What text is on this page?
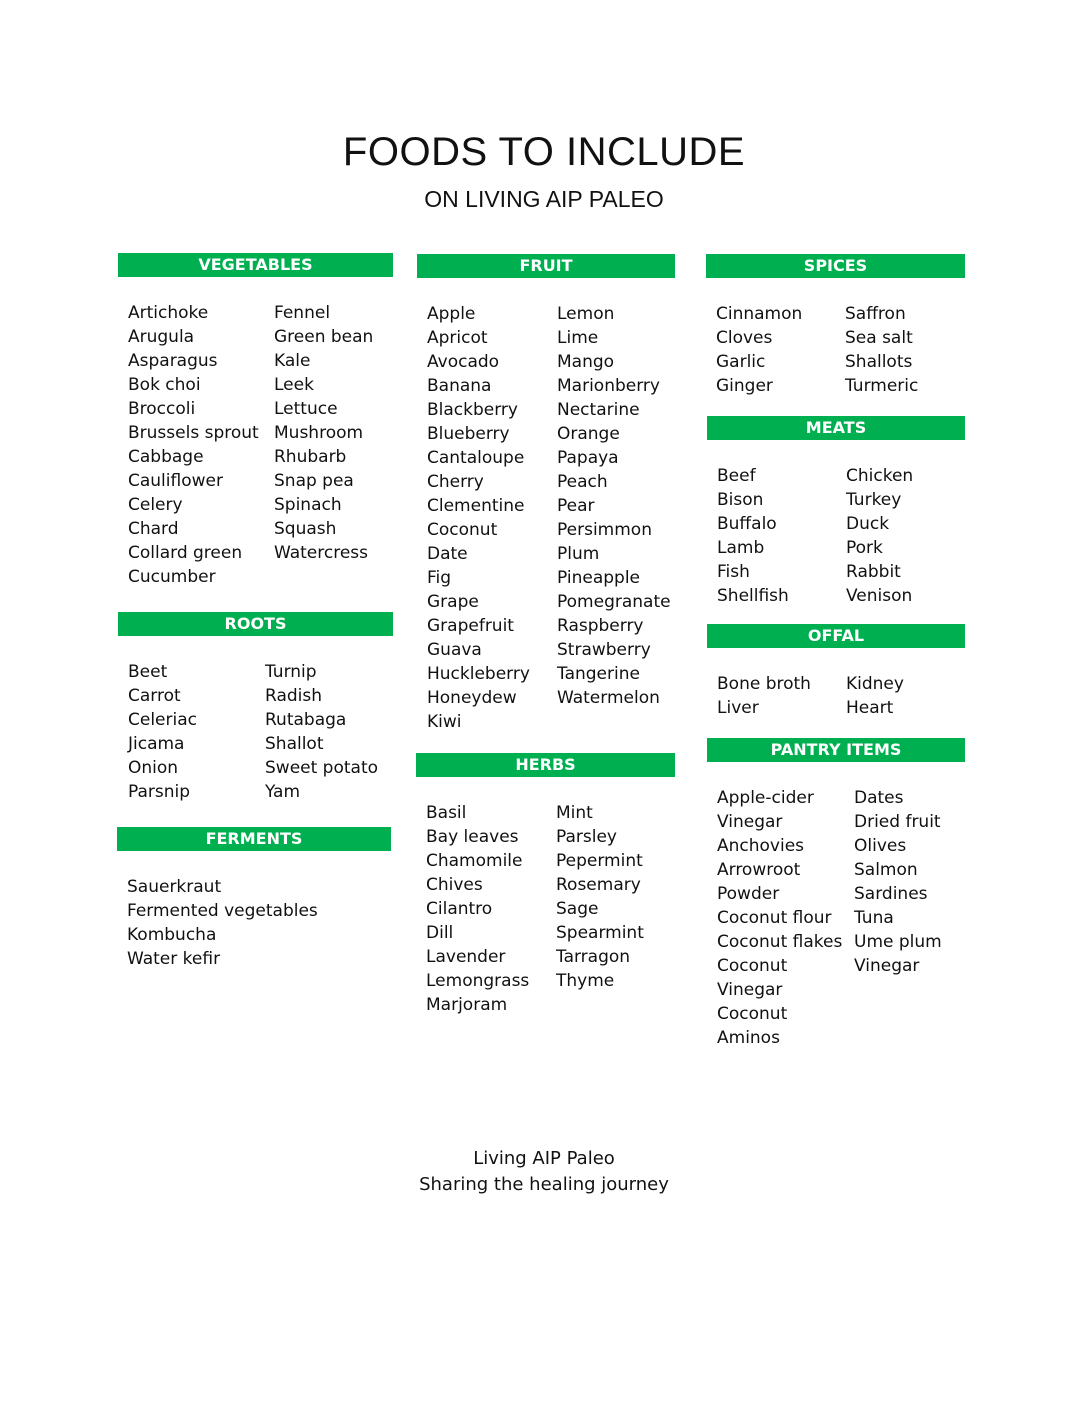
FOODS TO INCLUDE
ON LIVING AIP PALEO
VEGETABLES
Artichoke
Arugula
Asparagus
Bok choi
Broccoli
Brussels sprout
Cabbage
Cauliflower
Celery
Chard
Collard green
Cucumber
Fennel
Green bean
Kale
Leek
Lettuce
Mushroom
Rhubarb
Snap pea
Spinach
Squash
Watercress
ROOTS
Beet
Carrot
Celeriac
Jicama
Onion
Parsnip
Turnip
Radish
Rutabaga
Shallot
Sweet potato
Yam
FERMENTS
Sauerkraut
Fermented vegetables
Kombucha
Water kefir
FRUIT
Apple
Apricot
Avocado
Banana
Blackberry
Blueberry
Cantaloupe
Cherry
Clementine
Coconut
Date
Fig
Grape
Grapefruit
Guava
Huckleberry
Honeydew
Kiwi
Lemon
Lime
Mango
Marionberry
Nectarine
Orange
Papaya
Peach
Pear
Persimmon
Plum
Pineapple
Pomegranate
Raspberry
Strawberry
Tangerine
Watermelon
HERBS
Basil
Bay leaves
Chamomile
Chives
Cilantro
Dill
Lavender
Lemongrass
Marjoram
Mint
Parsley
Pepermint
Rosemary
Sage
Spearmint
Tarragon
Thyme
SPICES
Cinnamon
Cloves
Garlic
Ginger
Saffron
Sea salt
Shallots
Turmeric
MEATS
Beef
Bison
Buffalo
Lamb
Fish
Shellfish
Chicken
Turkey
Duck
Pork
Rabbit
Venison
OFFAL
Bone broth
Liver
Kidney
Heart
PANTRY ITEMS
Apple-cider
Vinegar
Anchovies
Arrowroot
Powder
Coconut flour
Coconut flakes
Coconut
Vinegar
Coconut
Aminos
Dates
Dried fruit
Olives
Salmon
Sardines
Tuna
Ume plum
Vinegar
Living AIP Paleo
Sharing the healing journey
